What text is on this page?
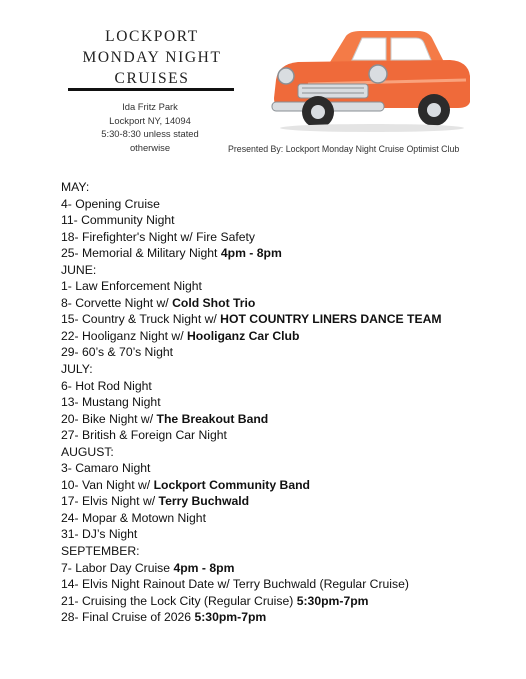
LOCKPORT
MONDAY NIGHT
CRUISES
Ida Fritz Park
Lockport NY, 14094
5:30-8:30 unless stated
otherwise	Presented By: Lockport Monday Night Cruise Optimist Club
MAY:
4- Opening Cruise
11- Community Night
18- Firefighter's Night w/ Fire Safety
25- Memorial & Military Night 4pm - 8pm
JUNE:
1- Law Enforcement Night
8- Corvette Night w/ Cold Shot Trio
15- Country & Truck Night w/ HOT COUNTRY LINERS DANCE TEAM
22- Hooliganz Night w/ Hooliganz Car Club
29- 60’s & 70’s Night
JULY:
6- Hot Rod Night
13- Mustang Night
20- Bike Night w/ The Breakout Band
27- British & Foreign Car Night
AUGUST:
3- Camaro Night
10- Van Night w/ Lockport Community Band
17- Elvis Night w/ Terry Buchwald
24- Mopar & Motown Night
31- DJ’s Night
SEPTEMBER:
7- Labor Day Cruise 4pm - 8pm
14- Elvis Night Rainout Date w/ Terry Buchwald (Regular Cruise)
21- Cruising the Lock City (Regular Cruise) 5:30pm-7pm
28- Final Cruise of 2026 5:30pm-7pm
